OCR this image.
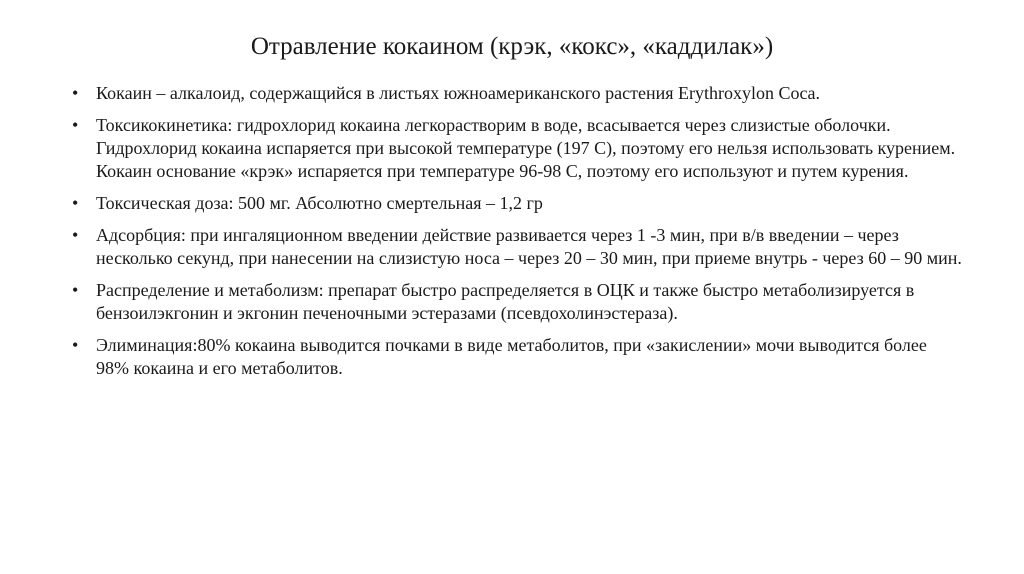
Отравление кокаином (крэк, «кокс», «каддилак»)
• Кокаин – алкалоид, содержащийся в листьях южноамериканского растения Erythroxylon Coca.
• Токсикокинетика: гидрохлорид кокаина легкорастворим в воде, всасывается через слизистые оболочки. Гидрохлорид кокаина испаряется при высокой температуре (197 С), поэтому его нельзя использовать курением. Кокаин основание «крэк» испаряется при температуре 96-98 С, поэтому его используют и путем курения.
• Токсическая доза: 500 мг. Абсолютно смертельная – 1,2 гр
• Адсорбция: при ингаляционном введении действие развивается через 1 -3 мин, при в/в введении – через несколько секунд, при нанесении на слизистую носа – через 20 – 30 мин, при приеме внутрь - через 60 – 90 мин.
• Распределение и метаболизм: препарат быстро распределяется в ОЦК и также быстро метаболизируется в бензоилэкгонин и экгонин печеночными эстеразами (псевдохолинэстераза).
• Элиминация:80% кокаина выводится почками в виде метаболитов, при «закислении» мочи выводится более 98% кокаина и его метаболитов.
